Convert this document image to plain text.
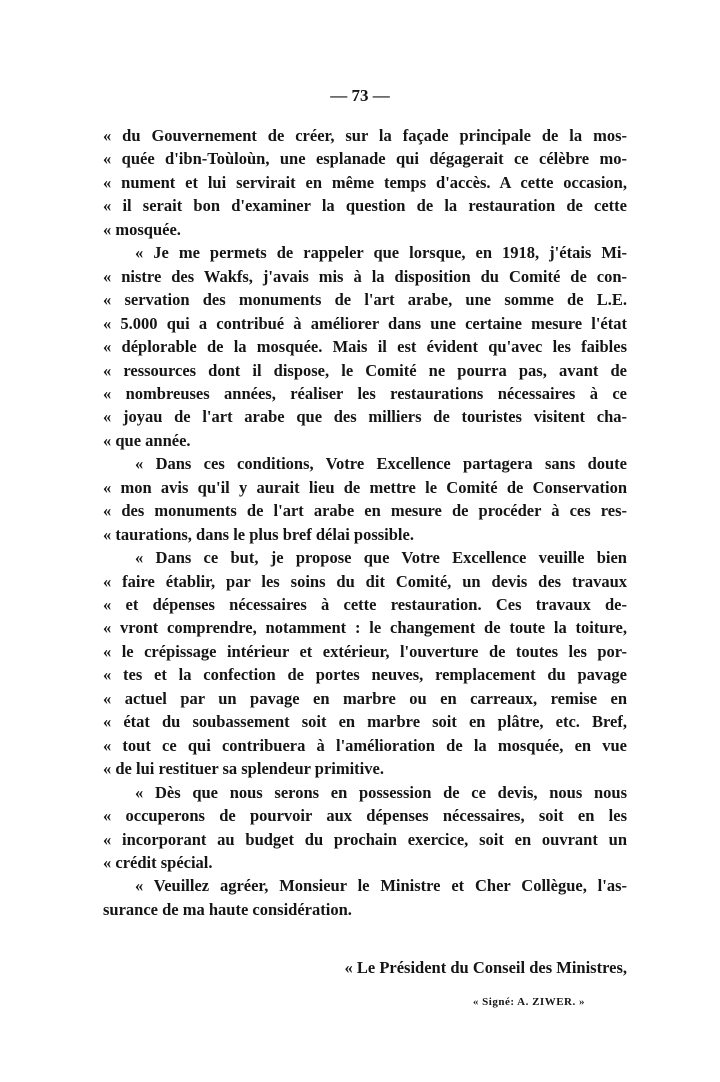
— 73 —
« du Gouvernement de créer, sur la façade principale de la mos-
« quée d'ibn-Toùloùn, une esplanade qui dégagerait ce célèbre mo-
« nument et lui servirait en même temps d'accès. A cette occasion,
« il serait bon d'examiner la question de la restauration de cette
« mosquée.
« Je me permets de rappeler que lorsque, en 1918, j'étais Mi-
« nistre des Wakfs, j'avais mis à la disposition du Comité de con-
« servation des monuments de l'art arabe, une somme de L.E.
« 5.000 qui a contribué à améliorer dans une certaine mesure l'état
« déplorable de la mosquée. Mais il est évident qu'avec les faibles
« ressources dont il dispose, le Comité ne pourra pas, avant de
« nombreuses années, réaliser les restaurations nécessaires à ce
« joyau de l'art arabe que des milliers de touristes visitent cha-
« que année.
« Dans ces conditions, Votre Excellence partagera sans doute
« mon avis qu'il y aurait lieu de mettre le Comité de Conservation
« des monuments de l'art arabe en mesure de procéder à ces res-
« taurations, dans le plus bref délai possible.
« Dans ce but, je propose que Votre Excellence veuille bien
« faire établir, par les soins du dit Comité, un devis des travaux
« et dépenses nécessaires à cette restauration. Ces travaux de-
« vront comprendre, notamment : le changement de toute la toiture,
« le crépissage intérieur et extérieur, l'ouverture de toutes les por-
« tes et la confection de portes neuves, remplacement du pavage
« actuel par un pavage en marbre ou en carreaux, remise en
« état du soubassement soit en marbre soit en plâtre, etc. Bref,
« tout ce qui contribuera à l'amélioration de la mosquée, en vue
« de lui restituer sa splendeur primitive.
« Dès que nous serons en possession de ce devis, nous nous
« occuperons de pourvoir aux dépenses nécessaires, soit en les
« incorporant au budget du prochain exercice, soit en ouvrant un
« crédit spécial.
« Veuillez agréer, Monsieur le Ministre et Cher Collègue, l'as-
surance de ma haute considération.
« Le Président du Conseil des Ministres,
« Signé: A. ZIWER. »
